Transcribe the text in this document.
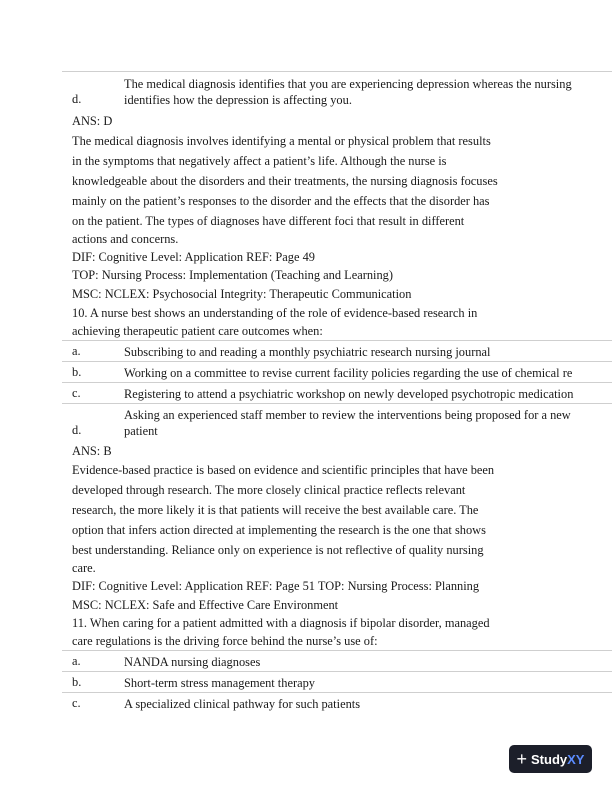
The medical diagnosis identifies that you are experiencing depression whereas the nursing
d.	identifies how the depression is affecting you.
ANS: D
The medical diagnosis involves identifying a mental or physical problem that results
in the symptoms that negatively affect a patient’s life. Although the nurse is
knowledgeable about the disorders and their treatments, the nursing diagnosis focuses
mainly on the patient’s responses to the disorder and the effects that the disorder has
on the patient. The types of diagnoses have different foci that result in different
actions and concerns.
DIF: Cognitive Level: Application REF: Page 49
TOP: Nursing Process: Implementation (Teaching and Learning)
MSC: NCLEX: Psychosocial Integrity: Therapeutic Communication
10. A nurse best shows an understanding of the role of evidence-based research in
achieving therapeutic patient care outcomes when:
a.	Subscribing to and reading a monthly psychiatric research nursing journal
b.	Working on a committee to revise current facility policies regarding the use of chemical re
c.	Registering to attend a psychiatric workshop on newly developed psychotropic medication
Asking an experienced staff member to review the interventions being proposed for a new
d.	patient
ANS: B
Evidence-based practice is based on evidence and scientific principles that have been
developed through research. The more closely clinical practice reflects relevant
research, the more likely it is that patients will receive the best available care. The
option that infers action directed at implementing the research is the one that shows
best understanding. Reliance only on experience is not reflective of quality nursing
care.
DIF: Cognitive Level: Application REF: Page 51 TOP: Nursing Process: Planning
MSC: NCLEX: Safe and Effective Care Environment
11. When caring for a patient admitted with a diagnosis if bipolar disorder, managed
care regulations is the driving force behind the nurse’s use of:
a.	NANDA nursing diagnoses
b.	Short-term stress management therapy
c.	A specialized clinical pathway for such patients
+ Study XY
